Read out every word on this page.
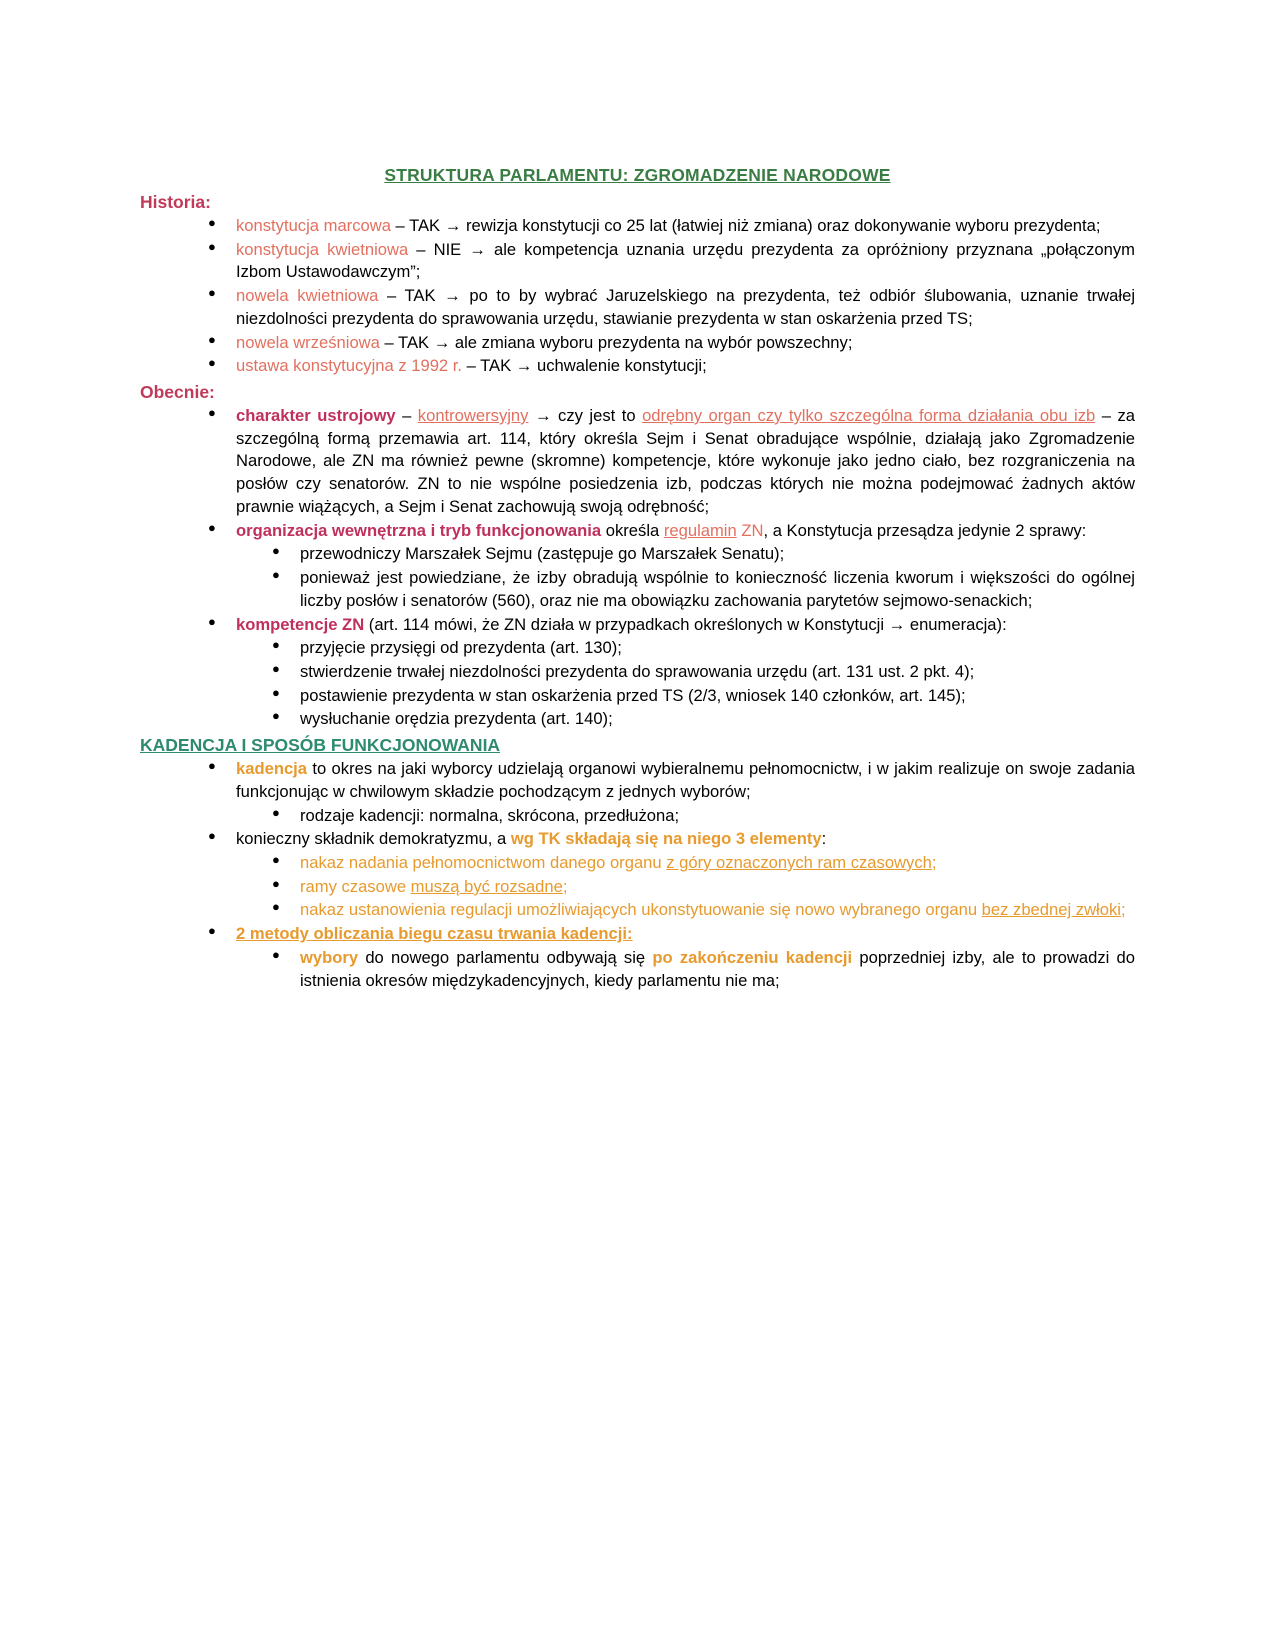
STRUKTURA PARLAMENTU: ZGROMADZENIE NARODOWE
Historia:
● konstytucja marcowa – TAK → rewizja konstytucji co 25 lat (łatwiej niż zmiana) oraz dokonywanie wyboru prezydenta;
● konstytucja kwietniowa – NIE → ale kompetencja uznania urzędu prezydenta za opróżniony przyznana „połączonym Izbom Ustawodawczym”;
● nowela kwietniowa – TAK → po to by wybrać Jaruzelskiego na prezydenta, też odbiór ślubowania, uznanie trwałej niezdolności prezydenta do sprawowania urzędu, stawianie prezydenta w stan oskarżenia przed TS;
● nowela wrześniowa – TAK → ale zmiana wyboru prezydenta na wybór powszechny;
● ustawa konstytucyjna z 1992 r. – TAK → uchwalenie konstytucji;
Obecnie:
● charakter ustrojowy – kontrowersyjny → czy jest to odrębny organ czy tylko szczególna forma działania obu izb – za szczególną formą przemawia art. 114, który określa Sejm i Senat obradujące wspólnie, działają jako Zgromadzenie Narodowe, ale ZN ma również pewne (skromne) kompetencje, które wykonuje jako jedno ciało, bez rozgraniczenia na posłów czy senatorów. ZN to nie wspólne posiedzenia izb, podczas których nie można podejmować żadnych aktów prawnie wiążących, a Sejm i Senat zachowują swoją odrębność;
● organizacja wewnętrzna i tryb funkcjonowania określa regulamin ZN, a Konstytucja przesądza jedynie 2 sprawy:
● przewodniczy Marszałek Sejmu (zastępuje go Marszałek Senatu);
● ponieważ jest powiedziane, że izby obradują wspólnie to konieczność liczenia kworum i większości do ogólnej liczby posłów i senatorów (560), oraz nie ma obowiązku zachowania parytetów sejmowo-senackich;
● kompetencje ZN (art. 114 mówi, że ZN działa w przypadkach określonych w Konstytucji → enumeracja):
● przyjęcie przysięgi od prezydenta (art. 130);
● stwierdzenie trwałej niezdolności prezydenta do sprawowania urzędu (art. 131 ust. 2 pkt. 4);
● postawienie prezydenta w stan oskarżenia przed TS (2/3, wniosek 140 członków, art. 145);
● wysłuchanie orędzia prezydenta (art. 140);
KADENCJA I SPOSÓB FUNKCJONOWANIA
● kadencja to okres na jaki wyborcy udzielają organowi wybieralnemu pełnomocnictw, i w jakim realizuje on swoje zadania funkcjonując w chwilowym składzie pochodzącym z jednych wyborów;
● rodzaje kadencji: normalna, skrócona, przedłużona;
● konieczny składnik demokratyzmu, a wg TK składają się na niego 3 elementy:
● nakaz nadania pełnomocnictwom danego organu z góry oznaczonych ram czasowych;
● ramy czasowe muszą być rozsadne;
● nakaz ustanowienia regulacji umożliwiających ukonstytuowanie się nowo wybranego organu bez zbednej zwłoki;
● 2 metody obliczania biegu czasu trwania kadencji:
● wybory do nowego parlamentu odbywają się po zakończeniu kadencji poprzedniej izby, ale to prowadzi do istnienia okresów międzykadencyjnych, kiedy parlamentu nie ma;
